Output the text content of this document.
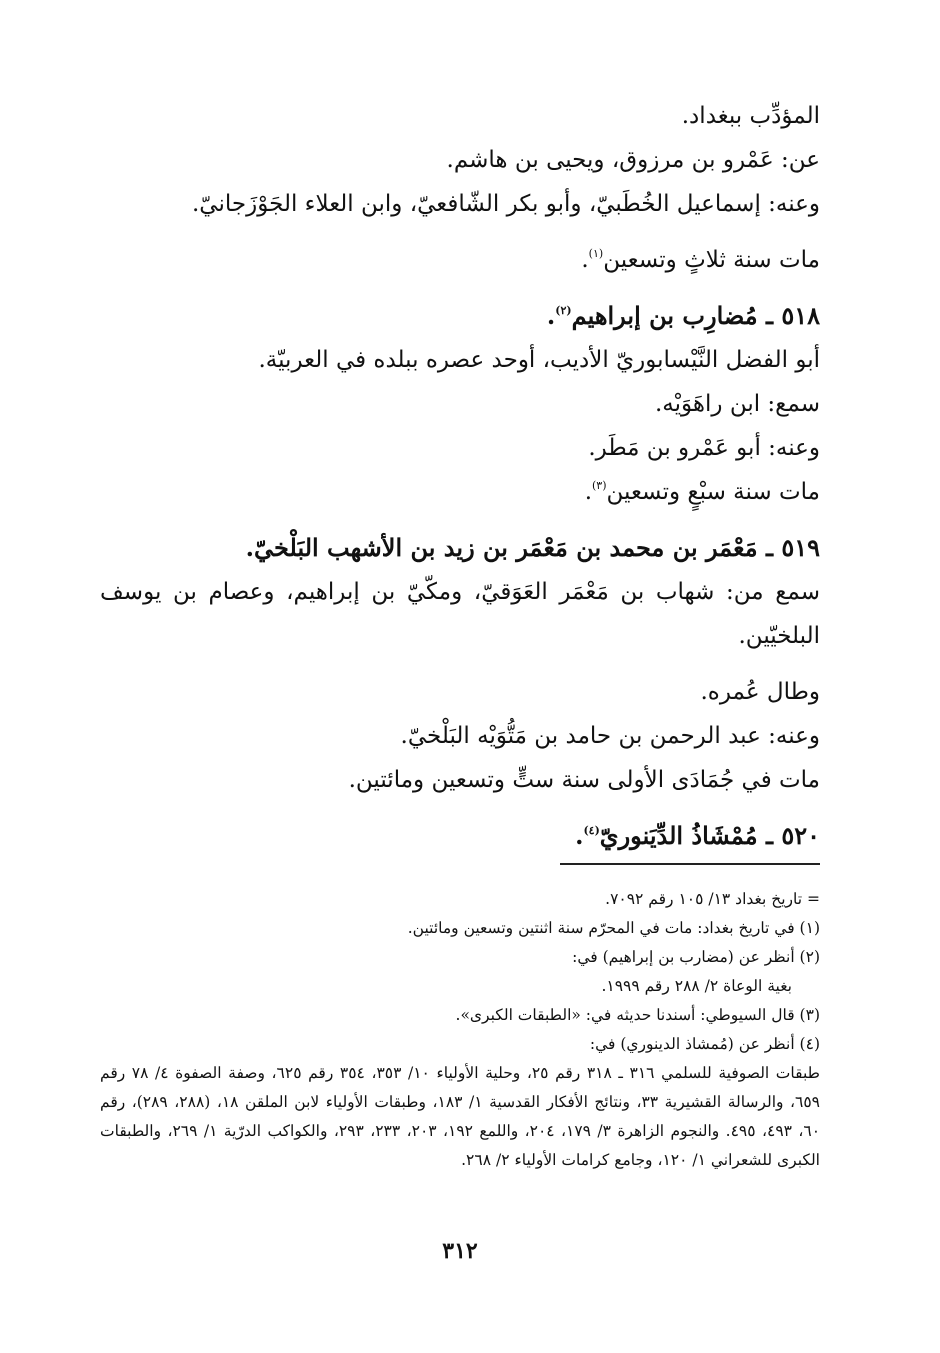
المؤدِّب ببغداد.
عن: عَمْرو بن مرزوق، ويحيى بن هاشم.
وعنه: إسماعيل الخُطَبيّ، وأبو بكر الشّافعيّ، وابن العلاء الجَوْزَجانيّ.
مات سنة ثلاثٍ وتسعين$^{(١)}$.
٥١٨ ـ مُضارِب بن إبراهيم$^{(٢)}$.
أبو الفضل النَّيْسابوريّ الأديب، أوحد عصره ببلده في العربيّة.
سمع: ابن راهَوَيْه.
وعنه: أبو عَمْرو بن مَطَر.
مات سنة سبْعٍ وتسعين$^{(٣)}$.
٥١٩ ـ مَعْمَر بن محمد بن مَعْمَر بن زيد بن الأشهب البَلْخيّ.
سمع من: شهاب بن مَعْمَر العَوَقيّ، ومكّيّ بن إبراهيم، وعصام بن يوسف البلخيّين.
وطال عُمره.
وعنه: عبد الرحمن بن حامد بن مَتُّوَيْه البَلْخيّ.
مات في جُمَادَى الأولى سنة ستٍّ وتسعين ومائتين.
٥٢٠ ـ مُمْشَاذُ الدِّيَنوريّ$^{(٤)}$.
= تاريخ بغداد ١٣/ ١٠٥ رقم ٧٠٩٢.
(١) في تاريخ بغداد: مات في المحرّم سنة اثنتين وتسعين ومائتين.
(٢) أنظر عن (مضارب بن إبراهيم) في:
بغية الوعاة ٢/ ٢٨٨ رقم ١٩٩٩.
(٣) قال السيوطي: أسندنا حديثه في: «الطبقات الكبرى».
(٤) أنظر عن (مُمشاذ الدينوري) في:
طبقات الصوفية للسلمي ٣١٦ ـ ٣١٨ رقم ٢٥، وحلية الأولياء ١٠/ ٣٥٣، ٣٥٤ رقم ٦٢٥، وصفة الصفوة ٤/ ٧٨ رقم ٦٥٩، والرسالة القشيرية ٣٣، ونتائج الأفكار القدسية ١/ ١٨٣، وطبقات الأولياء لابن الملقن ١٨، (٢٨٨، ٢٨٩)، رقم ٦٠، ٤٩٣، ٤٩٥. والنجوم الزاهرة ٣/ ١٧٩، ٢٠٤، واللمع ١٩٢، ٢٠٣، ٢٣٣، ٢٩٣، والكواكب الدرّية ١/ ٢٦٩، والطبقات الكبرى للشعراني ١/ ١٢٠، وجامع كرامات الأولياء ٢/ ٢٦٨.
٣١٢
